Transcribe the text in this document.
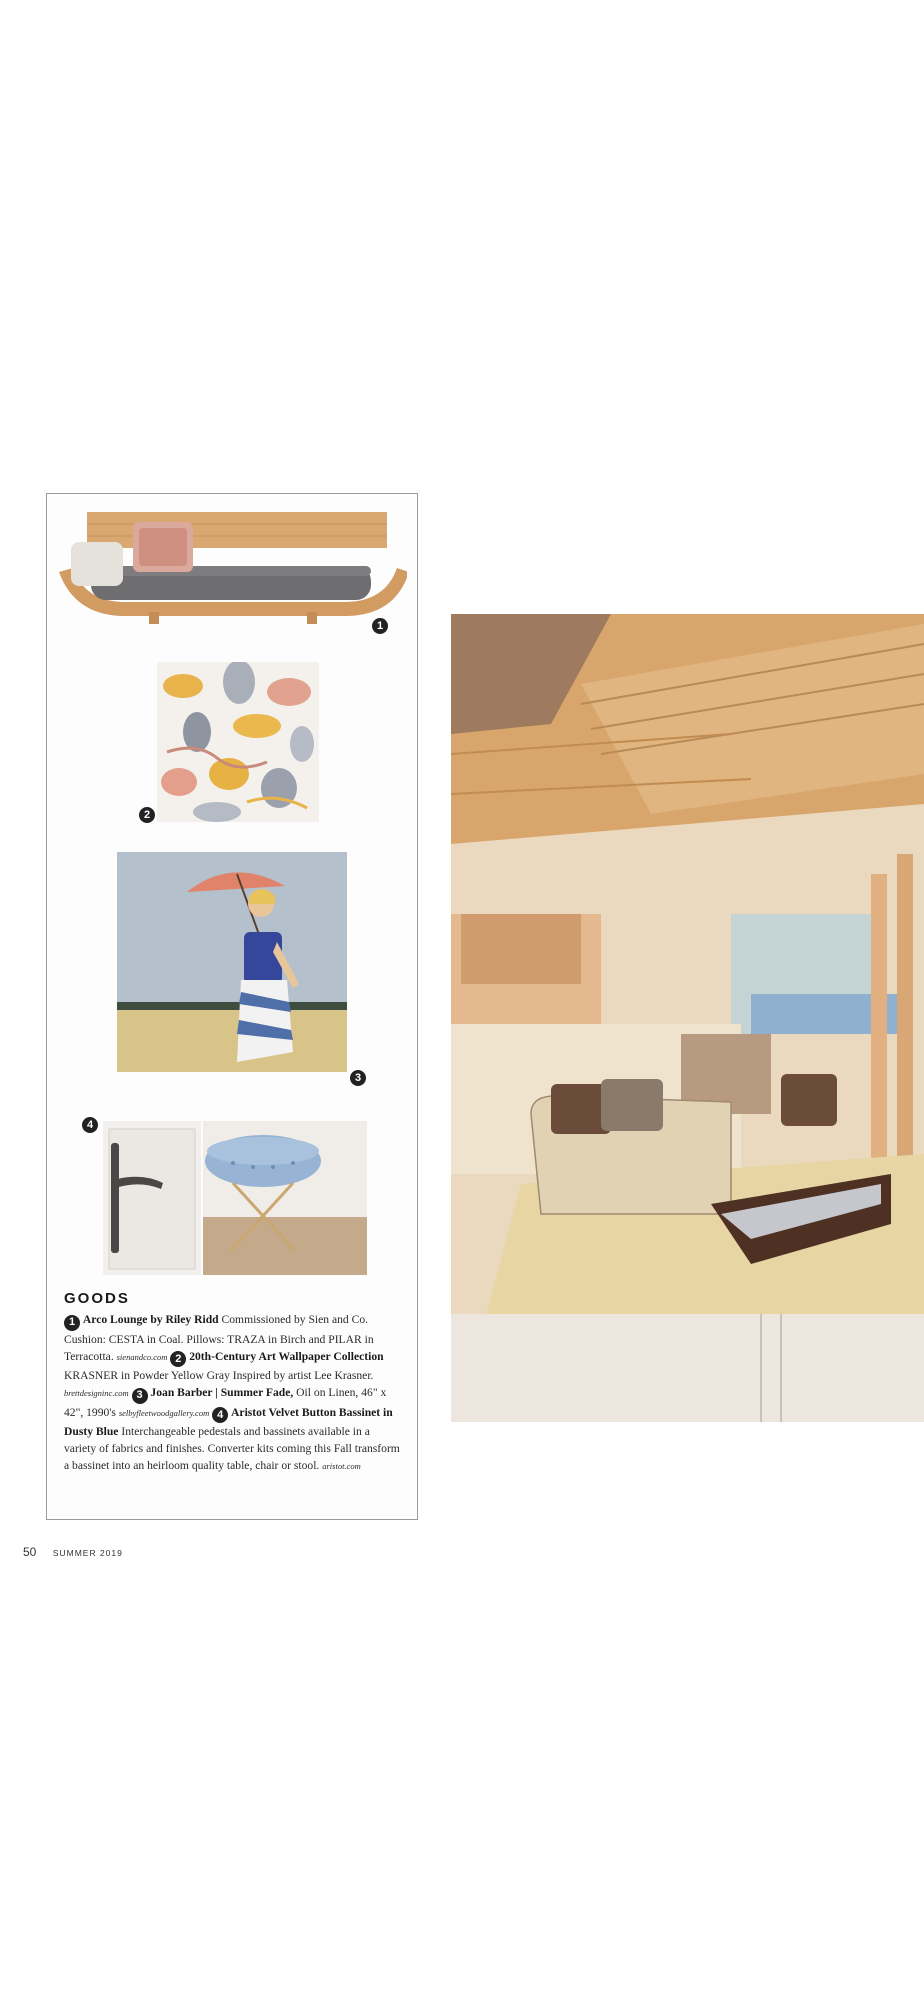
1
2
3
4
GOODS
1 Arco Lounge by Riley Ridd Commissioned by Sien and Co. Cushion: CESTA in Coal. Pillows: TRAZA in Birch and PILAR in Terracotta. sienandco.com 2 20th-Century Art Wallpaper Collection KRASNER in Powder Yellow Gray Inspired by artist Lee Krasner. brettdesigninc.com 3 Joan Barber | Summer Fade, Oil on Linen, 46" x 42", 1990's selbyfleetwoodgallery.com 4 Aristot Velvet Button Bassinet in Dusty Blue Interchangeable pedestals and bassinets available in a variety of fabrics and finishes. Converter kits coming this Fall transform a bassinet into an heirloom quality table, chair or stool. aristot.com
50 SUMMER 2019
